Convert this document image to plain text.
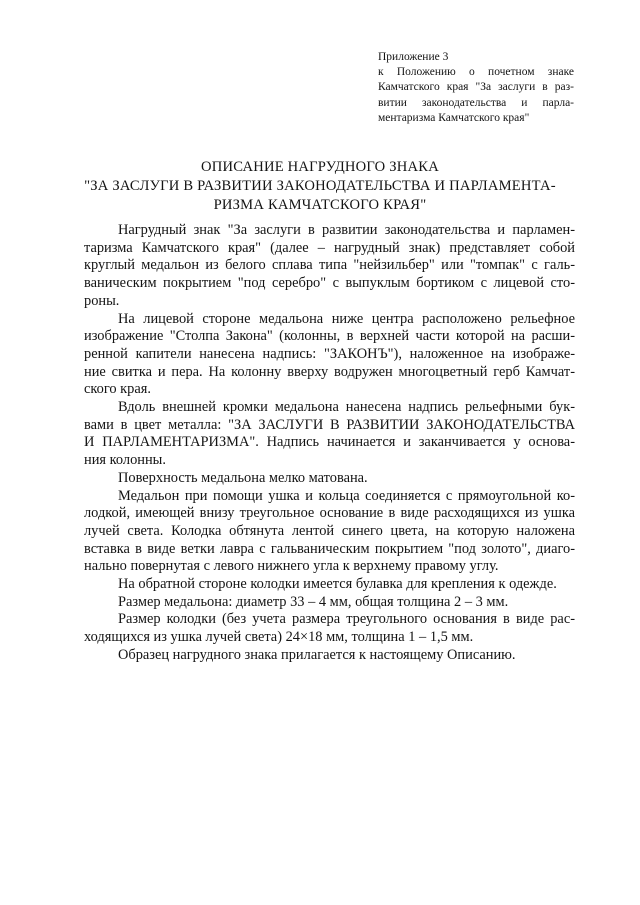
Приложение 3
к Положению о почетном знаке
Камчатского края "За заслуги в раз-
витии законодательства и парла-
ментаризма Камчатского края"
ОПИСАНИЕ НАГРУДНОГО ЗНАКА
"ЗА ЗАСЛУГИ В РАЗВИТИИ ЗАКОНОДАТЕЛЬСТВА И ПАРЛАМЕНТА-
РИЗМА КАМЧАТСКОГО КРАЯ"
Нагрудный знак "За заслуги в развитии законодательства и парламен-
таризма Камчатского края" (далее – нагрудный знак) представляет собой
круглый медальон из белого сплава типа "нейзильбер" или "томпак" с галь-
ваническим покрытием "под серебро" с выпуклым бортиком с лицевой сто-
роны.
На лицевой стороне медальона ниже центра расположено рельефное
изображение "Столпа Закона" (колонны, в верхней части которой на расши-
ренной капители нанесена надпись: "ЗАКОНЪ"), наложенное на изображе-
ние свитка и пера. На колонну вверху водружен многоцветный герб Камчат-
ского края.
Вдоль внешней кромки медальона нанесена надпись рельефными бук-
вами в цвет металла: "ЗА ЗАСЛУГИ В РАЗВИТИИ ЗАКОНОДАТЕЛЬСТВА
И ПАРЛАМЕНТАРИЗМА". Надпись начинается и заканчивается у основа-
ния колонны.
Поверхность медальона мелко матована.
Медальон при помощи ушка и кольца соединяется с прямоугольной ко-
лодкой, имеющей внизу треугольное основание в виде расходящихся из ушка
лучей света. Колодка обтянута лентой синего цвета, на которую наложена
вставка в виде ветки лавра с гальваническим покрытием "под золото", диаго-
нально повернутая с левого нижнего угла к верхнему правому углу.
На обратной стороне колодки имеется булавка для крепления к одежде.
Размер медальона: диаметр 33 – 4 мм, общая толщина 2 – 3 мм.
Размер колодки (без учета размера треугольного основания в виде рас-
ходящихся из ушка лучей света) 24×18 мм, толщина 1 – 1,5 мм.
Образец нагрудного знака прилагается к настоящему Описанию.
